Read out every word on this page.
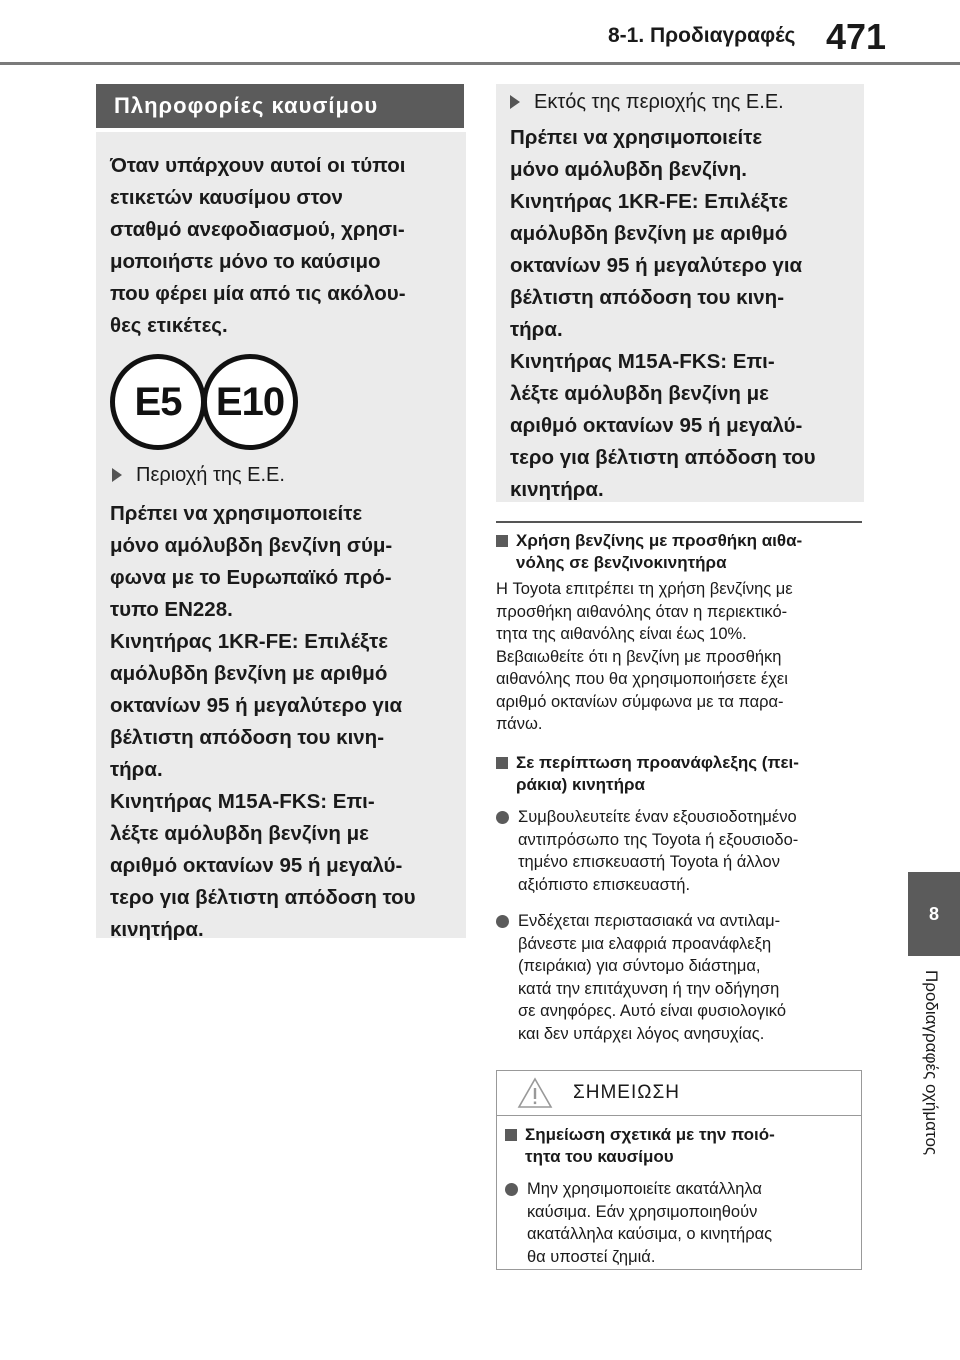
8-1. Προδιαγραφές 471
8
Προδιαγραφές οχήματος
Πληροφορίες καυσίμου

Όταν υπάρχουν αυτοί οι τύποι

ετικετών καυσίμου στον

σταθμό ανεφοδιασμού, χρησι-

μοποιήστε μόνο το καύσιμο

που φέρει μία από τις ακόλου-

θες ετικέτες.

Περιοχή της Ε.Ε.

Πρέπει να χρησιμοποιείτε

μόνο αμόλυβδη βενζίνη σύμ-

φωνα με το Ευρωπαϊκό πρό-

τυπο EN228.

Κινητήρας 1KR-FE: Επιλέξτε

αμόλυβδη βενζίνη με αριθμό

οκτανίων 95 ή μεγαλύτερο για

βέλτιστη απόδοση του κινη-

τήρα.

Κινητήρας M15A-FKS: Επι-

λέξτε αμόλυβδη βενζίνη με

αριθμό οκτανίων 95 ή μεγαλύ-

τερο για βέλτιστη απόδοση του

κινητήρα.

E5 E10
Εκτός της περιοχής της Ε.Ε.

Πρέπει να χρησιμοποιείτε

μόνο αμόλυβδη βενζίνη.

Κινητήρας 1KR-FE: Επιλέξτε

αμόλυβδη βενζίνη με αριθμό

οκτανίων 95 ή μεγαλύτερο για

βέλτιστη απόδοση του κινη-

τήρα.

Κινητήρας M15A-FKS: Επι-

λέξτε αμόλυβδη βενζίνη με

αριθμό οκτανίων 95 ή μεγαλύ-

τερο για βέλτιστη απόδοση του

κινητήρα.

Χρήση βενζίνης με προσθήκη αιθα-
νόλης σε βενζινοκινητήρα
Η Toyota επιτρέπει τη χρήση βενζίνης με
προσθήκη αιθανόλης όταν η περιεκτικό-
τητα της αιθανόλης είναι έως 10%.
Βεβαιωθείτε ότι η βενζίνη με προσθήκη
αιθανόλης που θα χρησιμοποιήσετε έχει
αριθμό οκτανίων σύμφωνα με τα παρα-
πάνω.
Σε περίπτωση προανάφλεξης (πει-
ράκια) κινητήρα
Συμβουλευτείτε έναν εξουσιοδοτημένο
αντιπρόσωπο της Toyota ή εξουσιοδο-
τημένο επισκευαστή Toyota ή άλλον
αξιόπιστο επισκευαστή.
Ενδέχεται περιστασιακά να αντιλαμ-
βάνεστε μια ελαφριά προανάφλεξη
(πειράκια) για σύντομο διάστημα,
κατά την επιτάχυνση ή την οδήγηση
σε ανηφόρες. Αυτό είναι φυσιολογικό
και δεν υπάρχει λόγος ανησυχίας.
ΣΗΜΕΙΩΣΗ
Σημείωση σχετικά με την ποιό-
τητα του καυσίμου
Μην χρησιμοποιείτε ακατάλληλα
καύσιμα. Εάν χρησιμοποιηθούν
ακατάλληλα καύσιμα, ο κινητήρας
θα υποστεί ζημιά.
